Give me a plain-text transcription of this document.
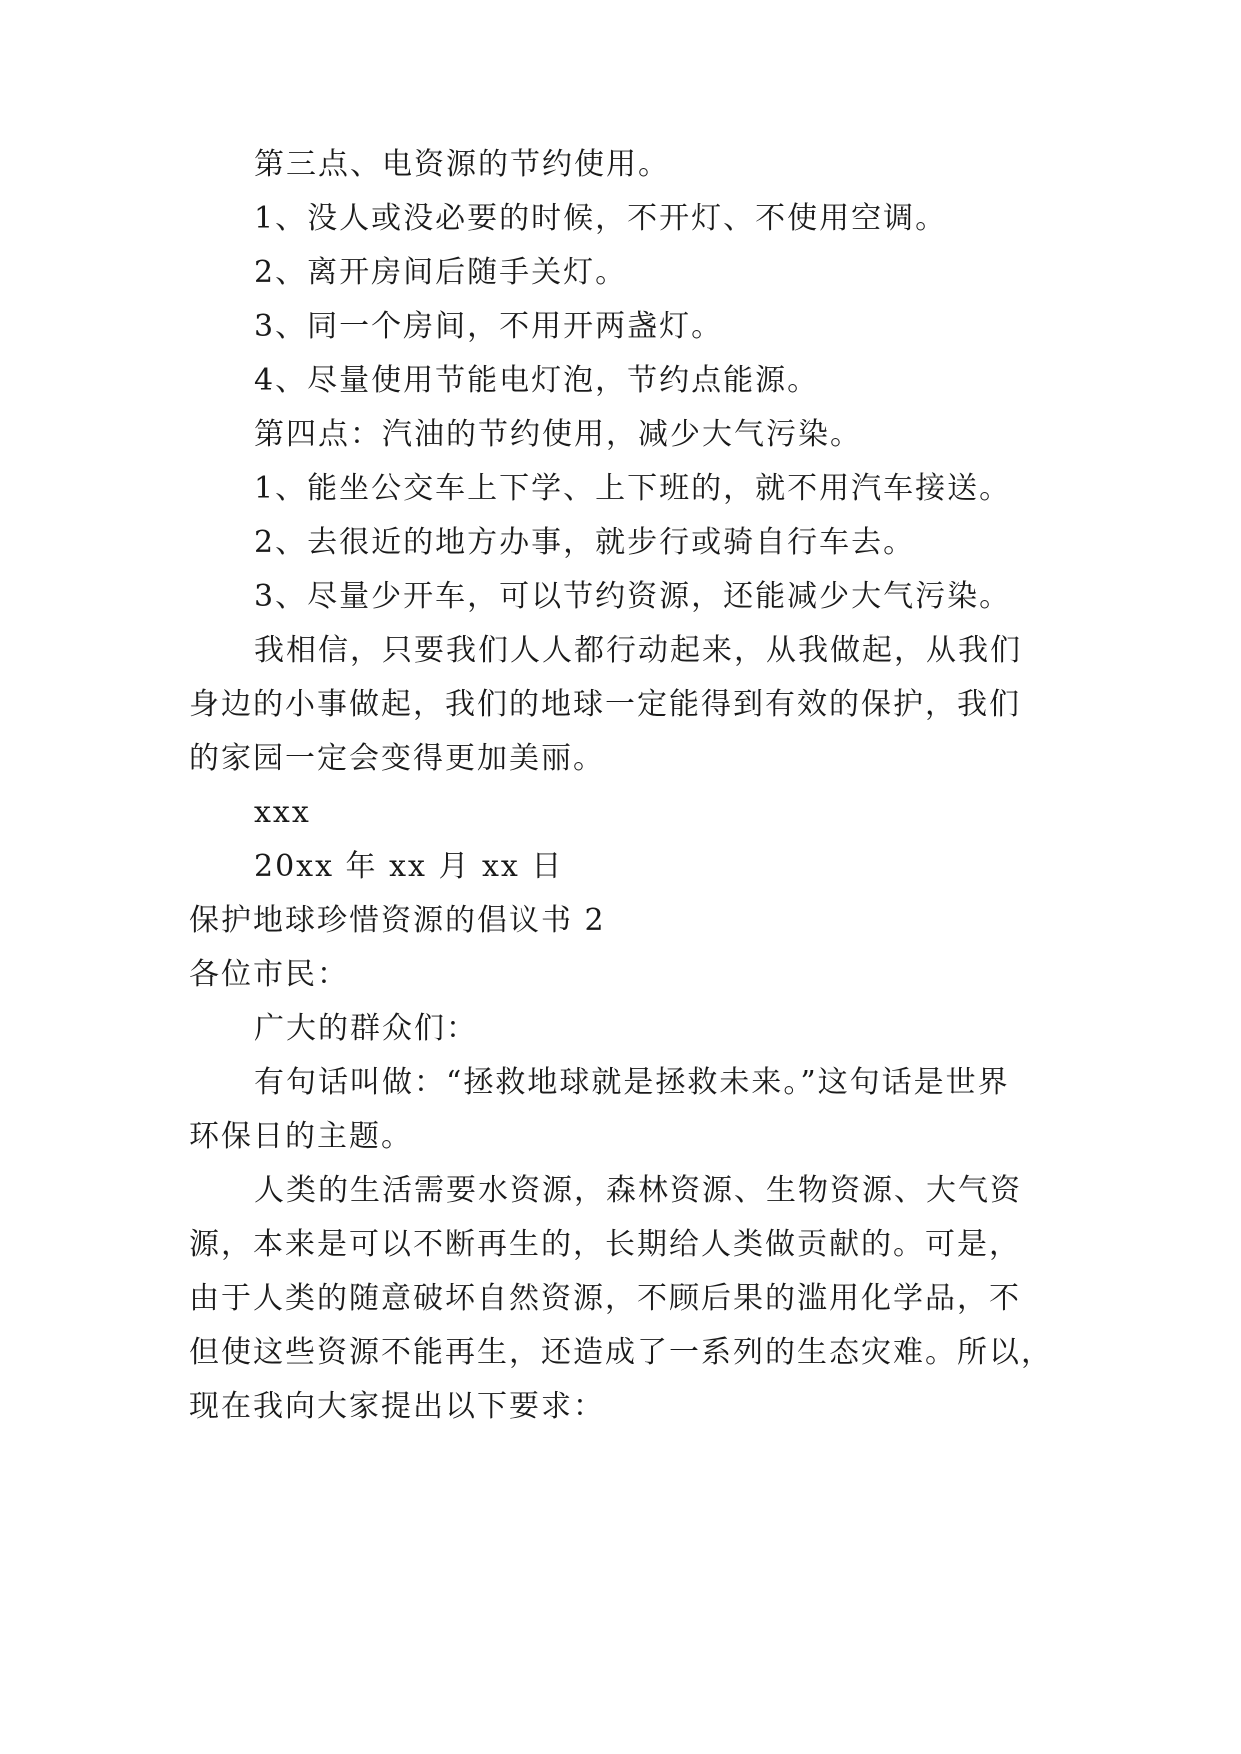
第三点、电资源的节约使用。
1、没人或没必要的时候，不开灯、不使用空调。
2、离开房间后随手关灯。
3、同一个房间，不用开两盏灯。
4、尽量使用节能电灯泡，节约点能源。
第四点：汽油的节约使用，减少大气污染。
1、能坐公交车上下学、上下班的，就不用汽车接送。
2、去很近的地方办事，就步行或骑自行车去。
3、尽量少开车，可以节约资源，还能减少大气污染。
我相信，只要我们人人都行动起来，从我做起，从我们
身边的小事做起，我们的地球一定能得到有效的保护，我们
的家园一定会变得更加美丽。
xxx
20xx 年 xx 月 xx 日
保护地球珍惜资源的倡议书 2
各位市民：
广大的群众们：
有句话叫做：“拯救地球就是拯救未来。”这句话是世界
环保日的主题。
人类的生活需要水资源，森林资源、生物资源、大气资
源，本来是可以不断再生的，长期给人类做贡献的。可是，
由于人类的随意破坏自然资源，不顾后果的滥用化学品，不
但使这些资源不能再生，还造成了一系列的生态灾难。所以，
现在我向大家提出以下要求：
